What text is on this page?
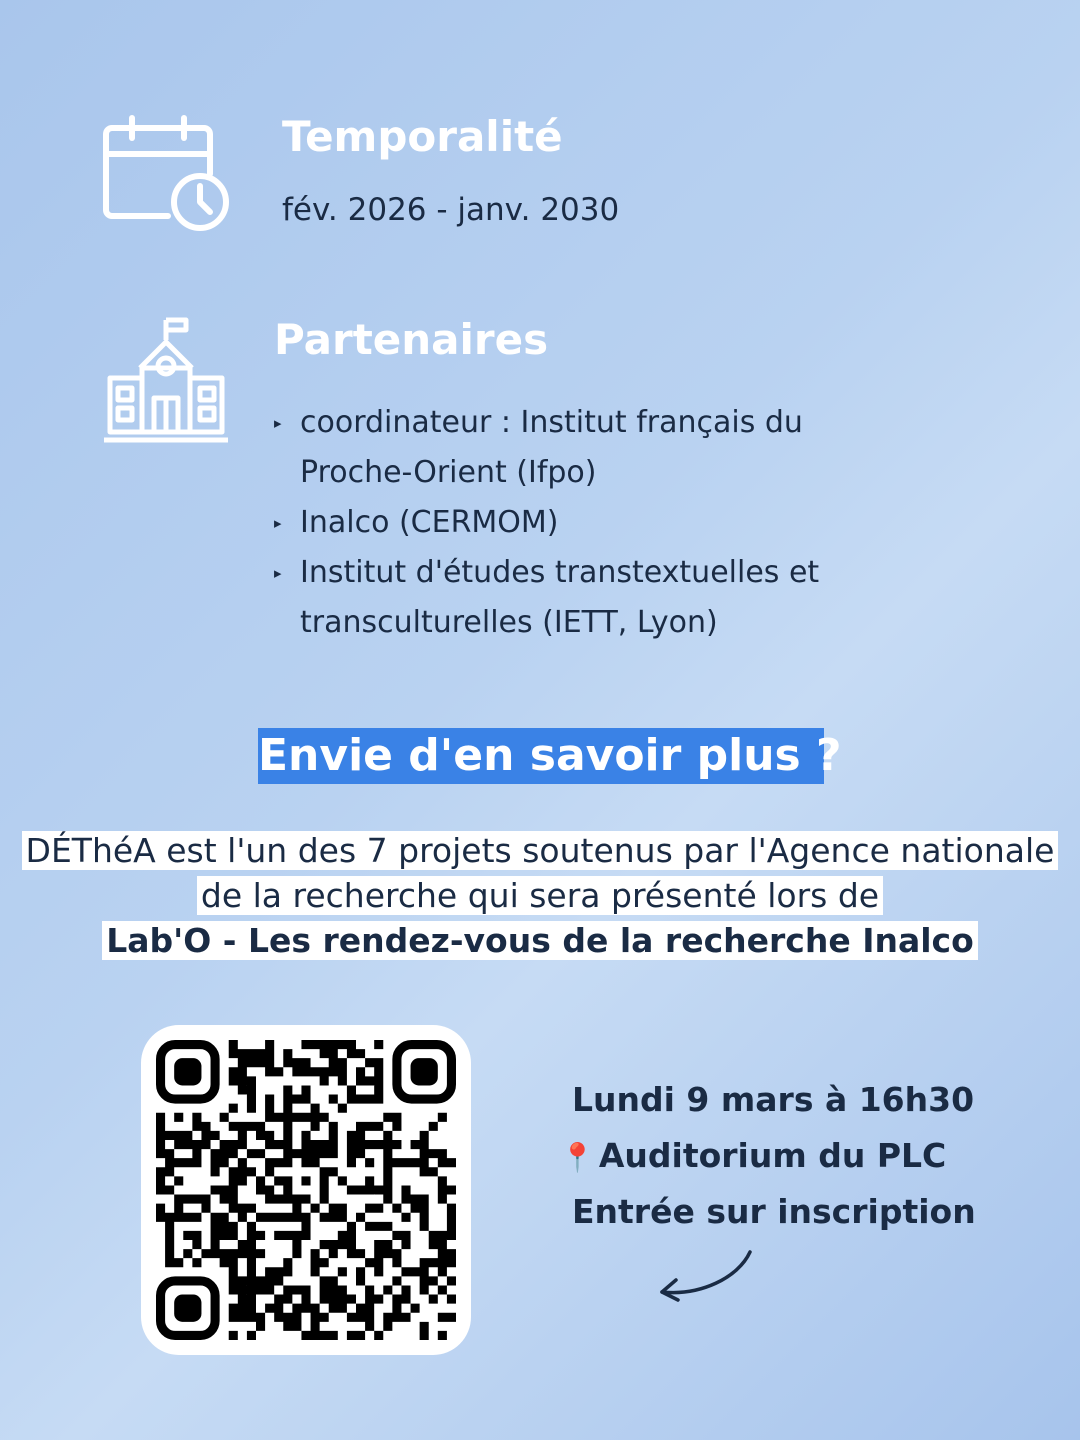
Temporalité
fév. 2026 - janv. 2030
Partenaires
▸ coordinateur : Institut français du Proche-Orient (Ifpo)
▸ Inalco (CERMOM)
▸ Institut d'études transtextuelles et transculturelles (IETT, Lyon)
Envie d'en savoir plus ?

DÉThéA est l'un des 7 projets soutenus par l'Agence nationale de la recherche qui sera présenté lors de
Lab'O - Les rendez-vous de la recherche Inalco

Lundi 9 mars à 16h30
📍 Auditorium du PLC
Entrée sur inscription
